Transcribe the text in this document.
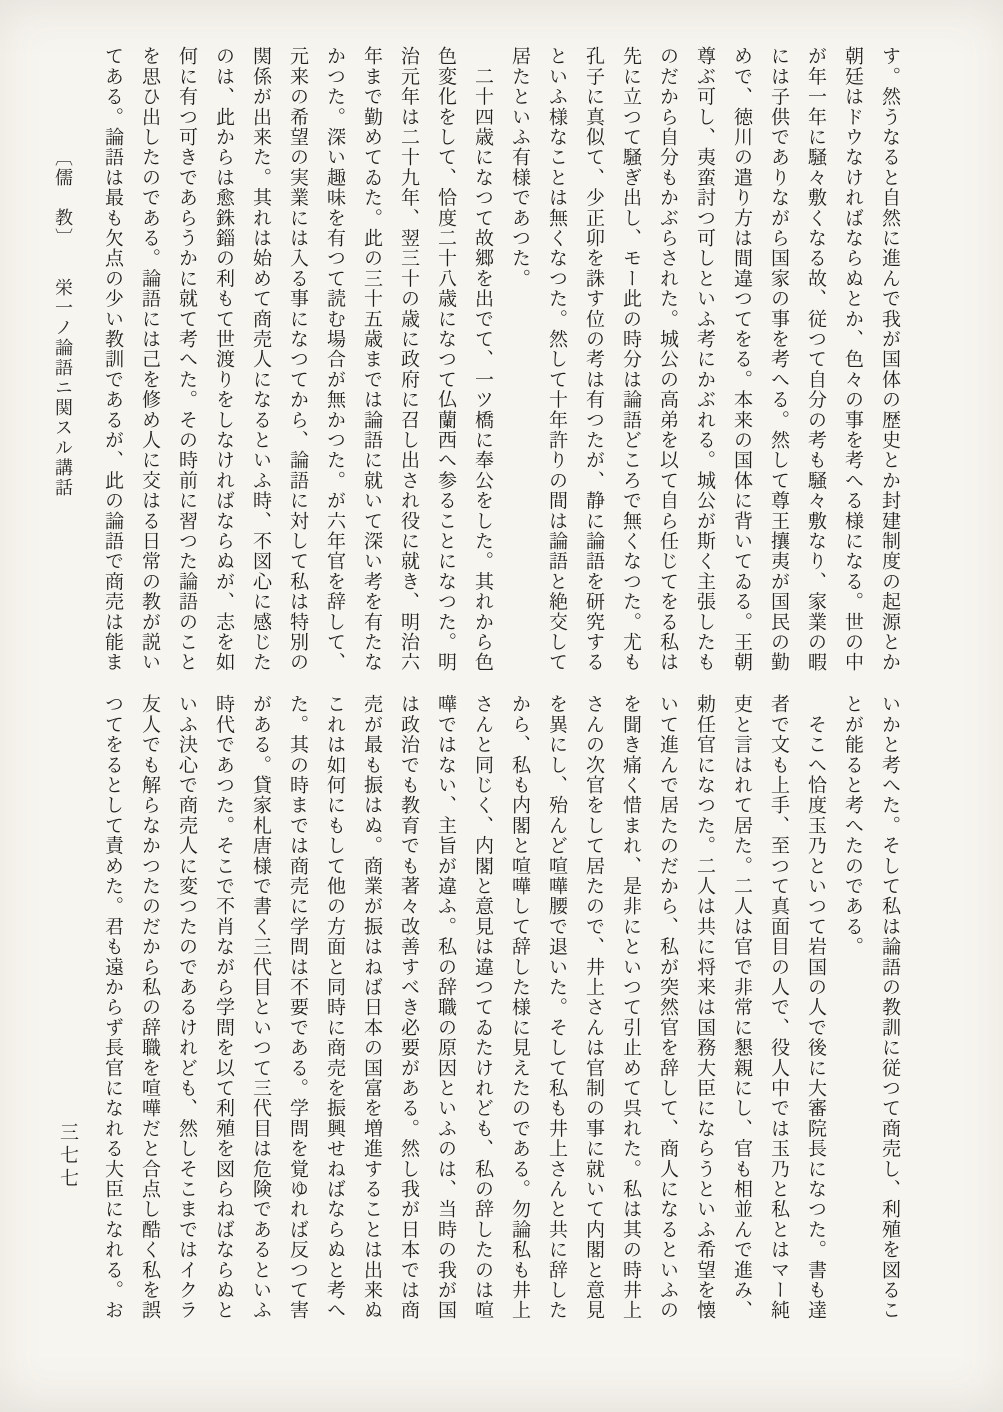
す。然うなると自然に進んで我が国体の歴史とか封建制度の起源とか
朝廷はドウなければならぬとか、色々の事を考へる様になる。世の中
が年一年に騒々敷くなる故、従つて自分の考も騒々敷なり、家業の暇
には子供でありながら国家の事を考へる。然して尊王攘夷が国民の勤
めで、徳川の遣り方は間違つてをる。本来の国体に背いてゐる。王朝
尊ぶ可し、夷蛮討つ可しといふ考にかぶれる。城公が斯く主張したも
のだから自分もかぶらされた。城公の高弟を以て自ら任じてをる私は
先に立つて騒ぎ出し、モー此の時分は論語どころで無くなつた。尤も
孔子に真似て、少正卯を誅す位の考は有つたが、静に論語を研究する
といふ様なことは無くなつた。然して十年許りの間は論語と絶交して
居たといふ有様であつた。
　二十四歳になつて故郷を出でて、一ツ橋に奉公をした。其れから色
色変化をして、恰度二十八歳になつて仏蘭西へ参ることになつた。明
治元年は二十九年、翌三十の歳に政府に召し出され役に就き、明治六
年まで勤めてゐた。此の三十五歳までは論語に就いて深い考を有たな
かつた。深い趣味を有つて読む場合が無かつた。が六年官を辞して、
元来の希望の実業には入る事になつてから、論語に対して私は特別の
関係が出来た。其れは始めて商売人になるといふ時、不図心に感じた
のは、此からは愈銖錙の利もて世渡りをしなければならぬが、志を如
何に有つ可きであらうかに就て考へた。その時前に習つた論語のこと
を思ひ出したのである。論語には己を修め人に交はる日常の教が説い
てある。論語は最も欠点の少い教訓であるが、此の論語で商売は能ま
いかと考へた。そして私は論語の教訓に従つて商売し、利殖を図るこ
とが能ると考へたのである。
　そこへ恰度玉乃といつて岩国の人で後に大審院長になつた。書も達
者で文も上手、至つて真面目の人で、役人中では玉乃と私とはマー純
吏と言はれて居た。二人は官で非常に懇親にし、官も相並んで進み、
勅任官になつた。二人は共に将来は国務大臣にならうといふ希望を懐
いて進んで居たのだから、私が突然官を辞して、商人になるといふの
を聞き痛く惜まれ、是非にといつて引止めて呉れた。私は其の時井上
さんの次官をして居たので、井上さんは官制の事に就いて内閣と意見
を異にし、殆んど喧嘩腰で退いた。そして私も井上さんと共に辞した
から、私も内閣と喧嘩して辞した様に見えたのである。勿論私も井上
さんと同じく、内閣と意見は違つてゐたけれども、私の辞したのは喧
嘩ではない、主旨が違ふ。私の辞職の原因といふのは、当時の我が国
は政治でも教育でも著々改善すべき必要がある。然し我が日本では商
売が最も振はぬ。商業が振はねば日本の国富を増進することは出来ぬ
これは如何にもして他の方面と同時に商売を振興せねばならぬと考へ
た。其の時までは商売に学問は不要である。学問を覚ゆれば反つて害
がある。貸家札唐様で書く三代目といつて三代目は危険であるといふ
時代であつた。そこで不肖ながら学問を以て利殖を図らねばならぬと
いふ決心で商売人に変つたのであるけれども、然しそこまではイクラ
友人でも解らなかつたのだから私の辞職を喧嘩だと合点し酷く私を誤
つてをるとして責めた。君も遠からず長官になれる大臣になれる。お
〔儒　教〕栄一ノ論語ニ関スル講話
三七七
